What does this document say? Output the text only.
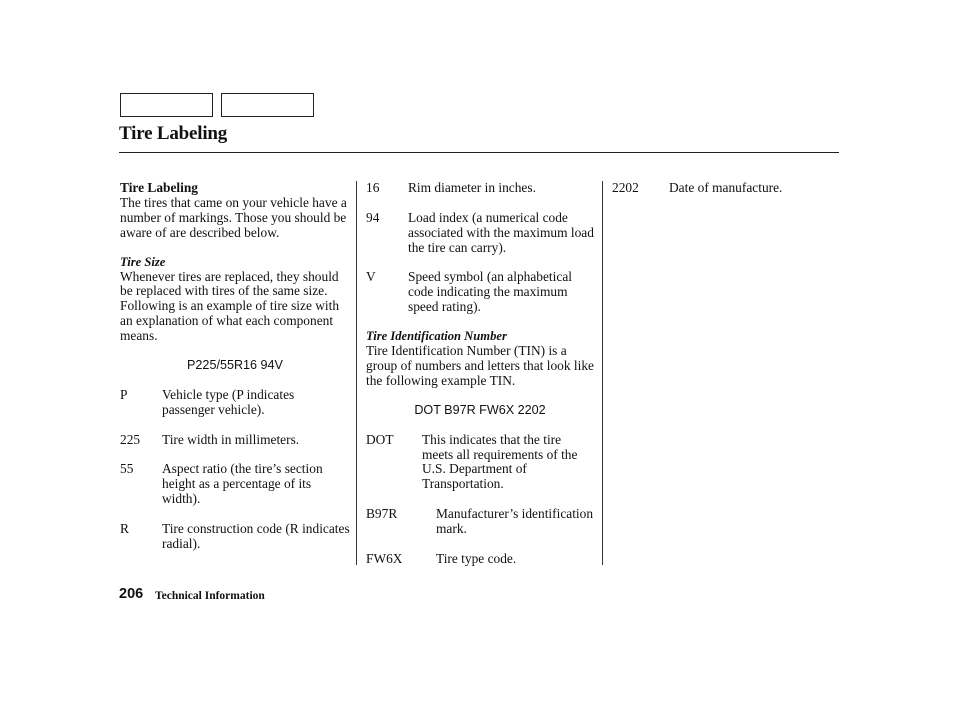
Tire Labeling
Tire Labeling

The tires that came on your vehicle have a number of markings. Those you should be aware of are described below.

Tire Size

Whenever tires are replaced, they should be replaced with tires of the same size. Following is an example of tire size with an explanation of what each component means.

P225/55R16 94V
P	Vehicle type (P indicates passenger vehicle).
225	Tire width in millimeters.
55	Aspect ratio (the tire’s section height as a percentage of its width).
R	Tire construction code (R indicates radial).
16	Rim diameter in inches.
94	Load index (a numerical code associated with the maximum load the tire can carry).
V	Speed symbol (an alphabetical code indicating the maximum speed rating).
Tire Identification Number

Tire Identification Number (TIN) is a group of numbers and letters that look like the following example TIN.

DOT B97R FW6X 2202
DOT	This indicates that the tire meets all requirements of the U.S. Department of Transportation.
B97R	Manufacturer’s identification mark.
FW6X	Tire type code.
2202	Date of manufacture.
206 Technical Information
